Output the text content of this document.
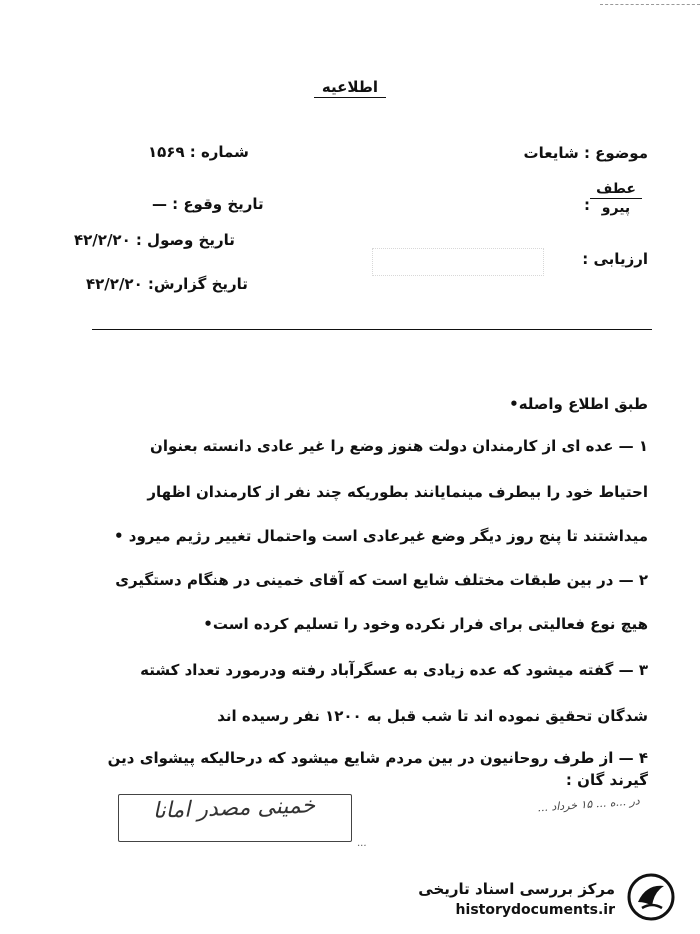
اطلاعیه
شماره : ۱۵۶۹
تاریخ وقوع : —
تاریخ وصول : ۴۲/۲/۲۰
تاریخ گزارش: ۴۲/۲/۲۰
موضوع : شایعات
:
عطف
پیرو
ارزیابی :
طبق اطلاع واصله•
۱ — عده ای از کارمندان دولت هنوز وضع را غیر عادی دانسته بعنوان
احتیاط خود را بیطرف مینمایانند بطوریکه چند نفر از کارمندان اظهار
میداشتند تا پنج روز دیگر وضع غیرعادی است واحتمال تغییر رژیم میرود •
۲ — در بین طبقات مختلف شایع است که آقای خمینی در هنگام دستگیری
هیچ نوع فعالیتی برای فرار نکرده وخود را تسلیم کرده است•
۳ — گفته میشود که عده زیادی به عسگرآباد رفته ودرمورد تعداد کشته
شدگان تحقیق نموده اند تا شب قبل به ۱۲۰۰ نفر رسیده اند
۴ — از طرف روحانیون در بین مردم شایع میشود که درحالیکه پیشوای دین
گیرند گان :
خمینی مصدر امانا	در ...ه ... ۱۵ خرداد ...
...
مرکز بررسی اسناد تاریخی
historydocuments.ir
